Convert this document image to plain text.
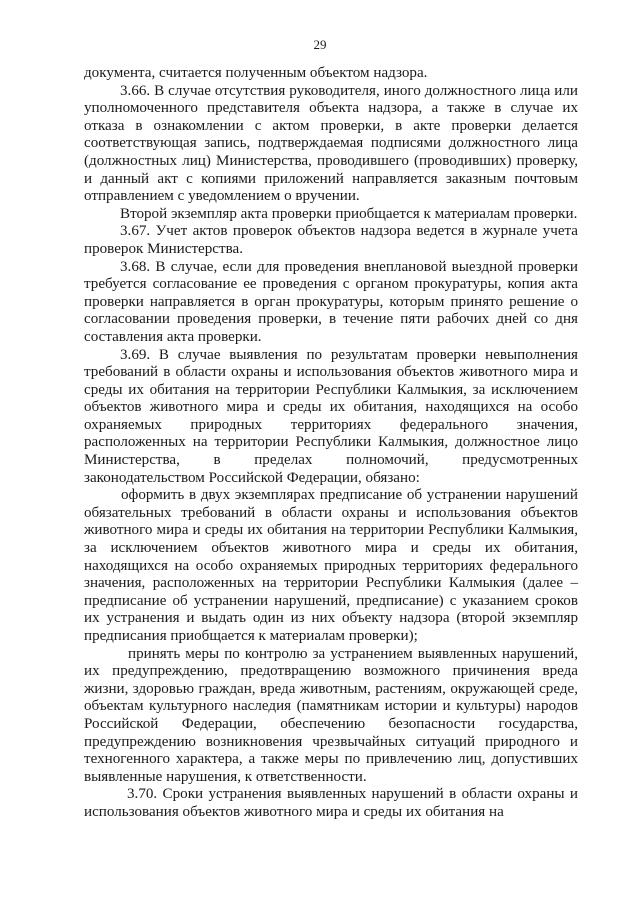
29

документа, считается полученным объектом надзора.

3.66. В случае отсутствия руководителя, иного должностного лица или уполномоченного представителя объекта надзора, а также в случае их отказа в ознакомлении с актом проверки, в акте проверки делается соответствующая запись, подтверждаемая подписями должностного лица (должностных лиц) Министерства, проводившего (проводивших) проверку, и данный акт с копиями приложений направляется заказным почтовым отправлением с уведомлением о вручении.

Второй экземпляр акта проверки приобщается к материалам проверки.

3.67. Учет актов проверок объектов надзора ведется в журнале учета проверок Министерства.

3.68. В случае, если для проведения внеплановой выездной проверки требуется согласование ее проведения с органом прокуратуры, копия акта проверки направляется в орган прокуратуры, которым принято решение о согласовании проведения проверки, в течение пяти рабочих дней со дня составления акта проверки.

3.69. В случае выявления по результатам проверки невыполнения требований в области охраны и использования объектов животного мира и среды их обитания на территории Республики Калмыкия, за исключением объектов животного мира и среды их обитания, находящихся на особо охраняемых природных территориях федерального значения, расположенных на территории Республики Калмыкия, должностное лицо Министерства, в пределах полномочий, предусмотренных законодательством Российской Федерации, обязано:

оформить в двух экземплярах предписание об устранении нарушений обязательных требований в области охраны и использования объектов животного мира и среды их обитания на территории Республики Калмыкия, за исключением объектов животного мира и среды их обитания, находящихся на особо охраняемых природных территориях федерального значения, расположенных на территории Республики Калмыкия (далее – предписание об устранении нарушений, предписание) с указанием сроков их устранения и выдать один из них объекту надзора (второй экземпляр предписания приобщается к материалам проверки);

принять меры по контролю за устранением выявленных нарушений, их предупреждению, предотвращению возможного причинения вреда жизни, здоровью граждан, вреда животным, растениям, окружающей среде, объектам культурного наследия (памятникам истории и культуры) народов Российской Федерации, обеспечению безопасности государства, предупреждению возникновения чрезвычайных ситуаций природного и техногенного характера, а также меры по привлечению лиц, допустивших выявленные нарушения, к ответственности.

3.70. Сроки устранения выявленных нарушений в области охраны и использования объектов животного мира и среды их обитания на
